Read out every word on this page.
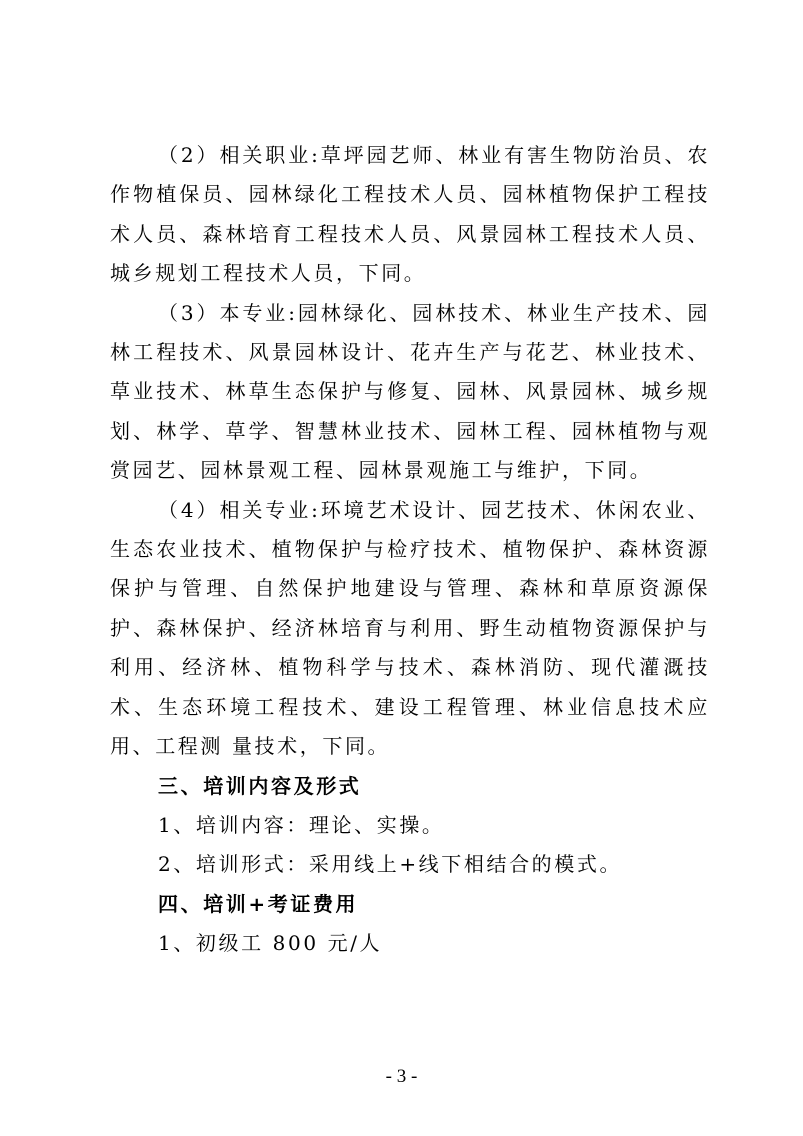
（2）相关职业:草坪园艺师、林业有害生物防治员、农作物植保员、园林绿化工程技术人员、园林植物保护工程技术人员、森林培育工程技术人员、风景园林工程技术人员、城乡规划工程技术人员，下同。

（3）本专业:园林绿化、园林技术、林业生产技术、园林工程技术、风景园林设计、花卉生产与花艺、林业技术、草业技术、林草生态保护与修复、园林、风景园林、城乡规 划、林学、草学、智慧林业技术、园林工程、园林植物与观 赏园艺、园林景观工程、园林景观施工与维护，下同。

（4）相关专业:环境艺术设计、园艺技术、休闲农业、生态农业技术、植物保护与检疗技术、植物保护、森林资源保护与管理、自然保护地建设与管理、森林和草原资源保护、森林保护、经济林培育与利用、野生动植物资源保护与利用、经济林、植物科学与技术、森林消防、现代灌溉技术、生态环境工程技术、建设工程管理、林业信息技术应用、工程测 量技术，下同。

三、培训内容及形式

1、培训内容：理论、实操。

2、培训形式：采用线上+线下相结合的模式。

四、培训+考证费用

1、初级工 800 元/人

- 3 -
